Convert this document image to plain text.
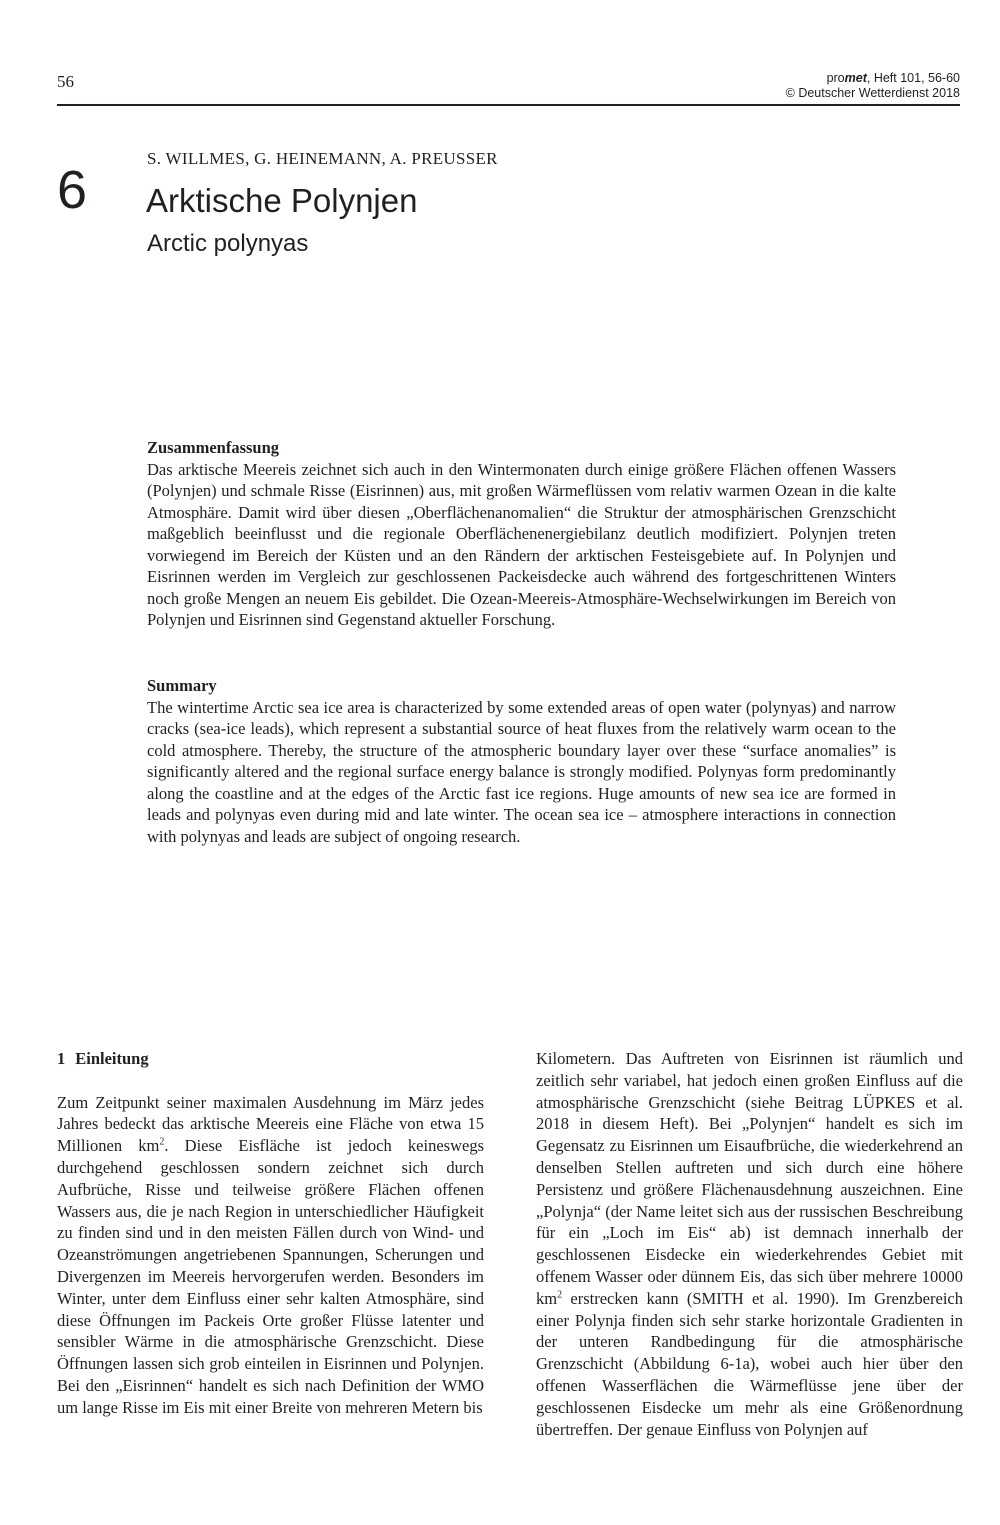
56	promet, Heft 101, 56-60
© Deutscher Wetterdienst 2018
6
S. WILLMES, G. HEINEMANN, A. PREUSSER
Arktische Polynjen
Arctic polynyas
Zusammenfassung

Das arktische Meereis zeichnet sich auch in den Wintermonaten durch einige größere Flächen offenen Wassers (Polynjen) und schmale Risse (Eisrinnen) aus, mit großen Wärmeflüssen vom relativ warmen Ozean in die kalte Atmosphäre. Damit wird über diesen „Oberflächenanomalien“ die Struktur der atmosphärischen Grenzschicht maßgeblich beeinflusst und die regionale Oberflächenenergiebilanz deutlich modifiziert. Polynjen treten vorwiegend im Bereich der Küsten und an den Rändern der arktischen Festeisgebiete auf. In Polynjen und Eisrinnen werden im Vergleich zur geschlossenen Packeisdecke auch während des fortgeschrittenen Winters noch große Mengen an neuem Eis gebildet. Die Ozean-Meereis-Atmosphäre-Wechselwirkungen im Bereich von Polynjen und Eisrinnen sind Gegenstand aktueller Forschung.

Summary

The wintertime Arctic sea ice area is characterized by some extended areas of open water (polynyas) and narrow cracks (sea-ice leads), which represent a substantial source of heat fluxes from the relatively warm ocean to the cold atmosphere. Thereby, the structure of the atmospheric boundary layer over these “surface anomalies” is significantly altered and the regional surface energy balance is strongly modified. Polynyas form predominantly along the coastline and at the edges of the Arctic fast ice regions. Huge amounts of new sea ice are formed in leads and polynyas even during mid and late winter. The ocean sea ice – atmosphere interactions in connection with polynyas and leads are subject of ongoing research.

1 Einleitung

Zum Zeitpunkt seiner maximalen Ausdehnung im März jedes Jahres bedeckt das arktische Meereis eine Fläche von etwa 15 Millionen $km^2$. Diese Eisfläche ist jedoch keineswegs durchgehend geschlossen sondern zeichnet sich durch Aufbrüche, Risse und teilweise größere Flächen offenen Wassers aus, die je nach Region in unterschiedlicher Häufigkeit zu finden sind und in den meisten Fällen durch von Wind- und Ozeanströmungen angetriebenen Spannungen, Scherungen und Divergenzen im Meereis hervorgerufen werden. Besonders im Winter, unter dem Einfluss einer sehr kalten Atmosphäre, sind diese Öffnungen im Packeis Orte großer Flüsse latenter und sensibler Wärme in die atmosphärische Grenzschicht. Diese Öffnungen lassen sich grob einteilen in Eisrinnen und Polynjen. Bei den „Eisrinnen“ handelt es sich nach Definition der WMO um lange Risse im Eis mit einer Breite von mehreren Metern bis

Kilometern. Das Auftreten von Eisrinnen ist räumlich und zeitlich sehr variabel, hat jedoch einen großen Einfluss auf die atmosphärische Grenzschicht (siehe Beitrag LÜPKES et al. 2018 in diesem Heft). Bei „Polynjen“ handelt es sich im Gegensatz zu Eisrinnen um Eisaufbrüche, die wiederkehrend an denselben Stellen auftreten und sich durch eine höhere Persistenz und größere Flächenausdehnung auszeichnen. Eine „Polynja“ (der Name leitet sich aus der russischen Beschreibung für ein „Loch im Eis“ ab) ist demnach innerhalb der geschlossenen Eisdecke ein wiederkehrendes Gebiet mit offenem Wasser oder dünnem Eis, das sich über mehrere 10000 $km^2$ erstrecken kann (SMITH et al. 1990). Im Grenzbereich einer Polynja finden sich sehr starke horizontale Gradienten in der unteren Randbedingung für die atmosphärische Grenzschicht (Abbildung 6-1a), wobei auch hier über den offenen Wasserflächen die Wärmeflüsse jene über der geschlossenen Eisdecke um mehr als eine Größenordnung übertreffen. Der genaue Einfluss von Polynjen auf
